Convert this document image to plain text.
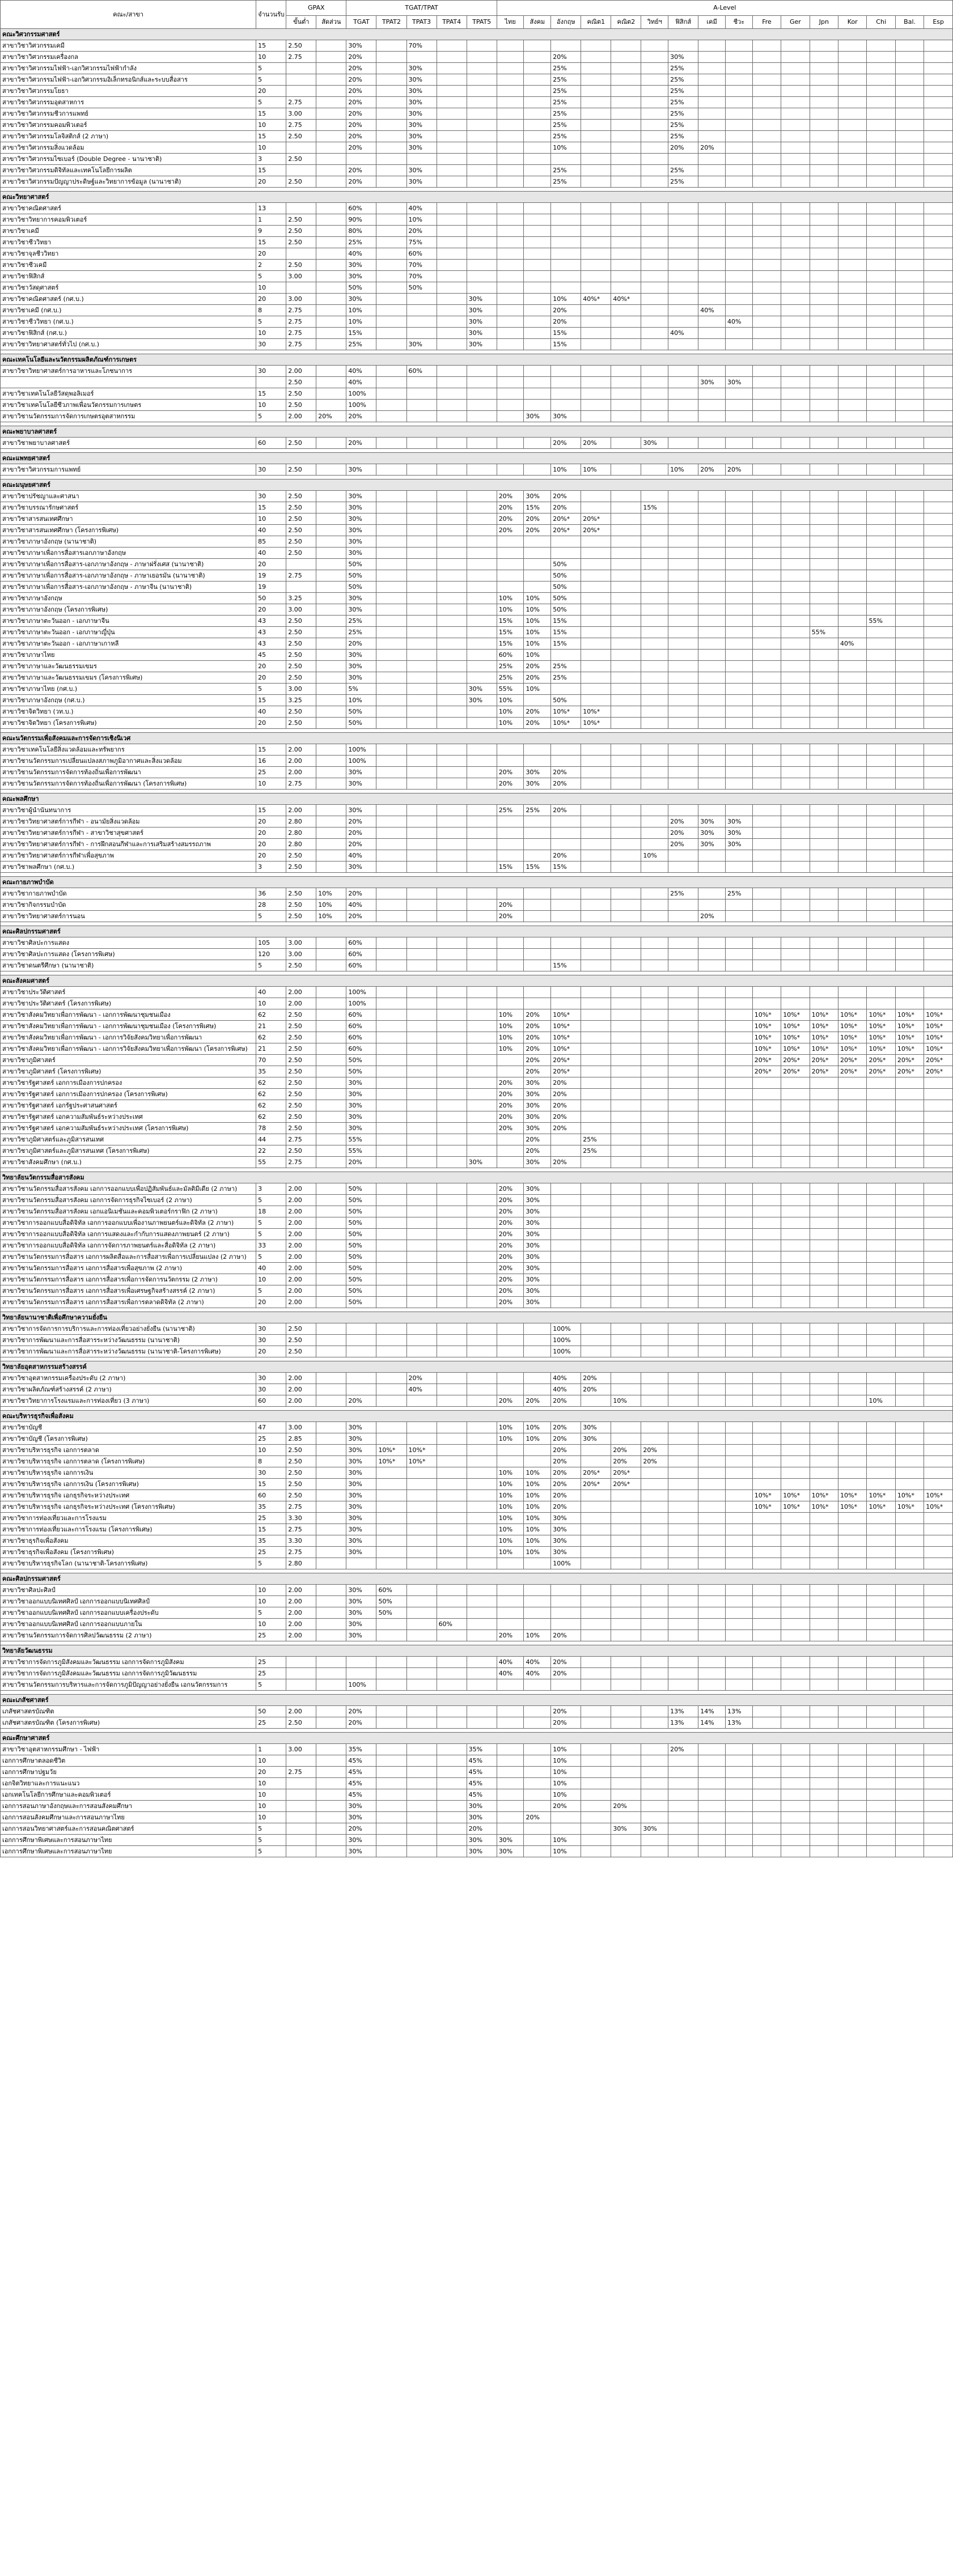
คณะ/สาขา	จำนวนรับ	GPAX		TGAT/TPAT					A-Level															
		ขั้นต่ำ	สัดส่วน	TGAT	TPAT2	TPAT3	TPAT4	TPAT5	ไทย	สังคม	อังกฤษ	คณิต1	คณิต2	วิทย์ฯ	ฟิสิกส์	เคมี	ชีวะ	Fre	Ger	Jpn	Kor	Chi	Bal.	Esp
คณะวิศวกรรมศาสตร์																								
สาขาวิชาวิศวกรรมเคมี	15	2.50		30%		70%																		
สาขาวิชาวิศวกรรมเครื่องกล	10	2.75		20%							20%				30%									
สาขาวิชาวิศวกรรมไฟฟ้า-เอกวิศวกรรมไฟฟ้ากำลัง	5			20%		30%					25%				25%									
สาขาวิชาวิศวกรรมไฟฟ้า-เอกวิศวกรรมอิเล็กทรอนิกส์และระบบสื่อสาร	5			20%		30%					25%				25%									
สาขาวิชาวิศวกรรมโยธา	20			20%		30%					25%				25%									
สาขาวิชาวิศวกรรมอุตสาหการ	5	2.75		20%		30%					25%				25%									
สาขาวิชาวิศวกรรมชีวการแพทย์	15	3.00		20%		30%					25%				25%									
สาขาวิชาวิศวกรรมคอมพิวเตอร์	10	2.75		20%		30%					25%				25%									
สาขาวิชาวิศวกรรมโลจิสติกส์ (2 ภาษา)	15	2.50		20%		30%					25%				25%									
สาขาวิชาวิศวกรรมสิ่งแวดล้อม	10			20%		30%					10%				20%	20%								
สาขาวิชาวิศวกรรมไซเบอร์ (Double Degree - นานาชาติ)	3	2.50																						
สาขาวิชาวิศวกรรมดิจิทัลและเทคโนโลยีการผลิต	15			20%		30%					25%				25%									
สาขาวิชาวิศวกรรมปัญญาประดิษฐ์และวิทยาการข้อมูล (นานาชาติ)	20	2.50		20%		30%					25%				25%									

คณะวิทยาศาสตร์																								
สาขาวิชาคณิตศาสตร์	13			60%		40%																		
สาขาวิชาวิทยาการคอมพิวเตอร์	1	2.50		90%		10%																		
สาขาวิชาเคมี	9	2.50		80%		20%																		
สาขาวิชาชีววิทยา	15	2.50		25%		75%																		
สาขาวิชาจุลชีววิทยา	20			40%		60%																		
สาขาวิชาชีวเคมี	2	2.50		30%		70%																		
สาขาวิชาฟิสิกส์	5	3.00		30%		70%																		
สาขาวิชาวัสดุศาสตร์	10			50%		50%																		
สาขาวิชาคณิตศาสตร์ (กศ.บ.)	20	3.00		30%				30%			10%	40%*	40%*											
สาขาวิชาเคมี (กศ.บ.)	8	2.75		10%				30%			20%					40%								
สาขาวิชาชีววิทยา (กศ.บ.)	5	2.75		10%				30%			20%						40%							
สาขาวิชาฟิสิกส์ (กศ.บ.)	10	2.75		15%				30%			15%				40%									
สาขาวิชาวิทยาศาสตร์ทั่วไป (กศ.บ.)	30	2.75		25%		30%		30%			15%													

คณะเทคโนโลยีและนวัตกรรมผลิตภัณฑ์การเกษตร																								
สาขาวิชาวิทยาศาสตร์การอาหารและโภชนาการ	30	2.00		40%		60%																		
		2.50		40%												30%	30%							
สาขาวิชาเทคโนโลยีวัสดุพอลิเมอร์	15	2.50		100%																				
สาขาวิชาเทคโนโลยีชีวภาพเพื่อนวัตกรรมการเกษตร	10	2.50		100%																				
สาขาวิชานวัตกรรมการจัดการเกษตรอุตสาหกรรม	5	2.00	20%	20%						30%	30%													

คณะพยาบาลศาสตร์																								
สาขาวิชาพยาบาลศาสตร์	60	2.50		20%							20%	20%		30%										

คณะแพทยศาสตร์																								
สาขาวิชาวิศวกรรมการแพทย์	30	2.50		30%							10%	10%			10%	20%	20%							

คณะมนุษยศาสตร์																								
สาขาวิชาปรัชญาและศาสนา	30	2.50		30%					20%	30%	20%													
สาขาวิชาบรรณารักษศาสตร์	15	2.50		30%					20%	15%	20%			15%										
สาขาวิชาสารสนเทศศึกษา	10	2.50		30%					20%	20%	20%*	20%*												
สาขาวิชาสารสนเทศศึกษา (โครงการพิเศษ)	40	2.50		30%					20%	20%	20%*	20%*												
สาขาวิชาภาษาอังกฤษ (นานาชาติ)	85	2.50		30%																				
สาขาวิชาภาษาเพื่อการสื่อสารเอกภาษาอังกฤษ	40	2.50		30%																				
สาขาวิชาภาษาเพื่อการสื่อสาร-เอกภาษาอังกฤษ - ภาษาฝรั่งเศส (นานาชาติ)	20			50%							50%													
สาขาวิชาภาษาเพื่อการสื่อสาร-เอกภาษาอังกฤษ - ภาษาเยอรมัน (นานาชาติ)	19	2.75		50%							50%													
สาขาวิชาภาษาเพื่อการสื่อสาร-เอกภาษาอังกฤษ - ภาษาจีน (นานาชาติ)	19			50%							50%													
สาขาวิชาภาษาอังกฤษ	50	3.25		30%					10%	10%	50%													
สาขาวิชาภาษาอังกฤษ (โครงการพิเศษ)	20	3.00		30%					10%	10%	50%													
สาขาวิชาภาษาตะวันออก - เอกภาษาจีน	43	2.50		25%					15%	10%	15%											55%		
สาขาวิชาภาษาตะวันออก - เอกภาษาญี่ปุ่น	43	2.50		25%					15%	10%	15%									55%				
สาขาวิชาภาษาตะวันออก - เอกภาษาเกาหลี	43	2.50		20%					15%	10%	15%										40%			
สาขาวิชาภาษาไทย	45	2.50		30%					60%	10%														
สาขาวิชาภาษาและวัฒนธรรมเขมร	20	2.50		30%					25%	20%	25%													
สาขาวิชาภาษาและวัฒนธรรมเขมร (โครงการพิเศษ)	20	2.50		30%					25%	20%	25%													
สาขาวิชาภาษาไทย (กศ.บ.)	5	3.00		5%				30%	55%	10%														
สาขาวิชาภาษาอังกฤษ (กศ.บ.)	15	3.25		10%				30%	10%		50%													
สาขาวิชาจิตวิทยา (วท.บ.)	40	2.50		50%					10%	20%	10%*	10%*												
สาขาวิชาจิตวิทยา (โครงการพิเศษ)	20	2.50		50%					10%	20%	10%*	10%*												

คณะนวัตกรรมเพื่อสังคมและการจัดการเชิงนิเวศ																								
สาขาวิชาเทคโนโลยีสิ่งแวดล้อมและทรัพยากร	15	2.00		100%																				
สาขาวิชานวัตกรรมการเปลี่ยนแปลงสภาพภูมิอากาศและสิ่งแวดล้อม	16	2.00		100%																				
สาขาวิชานวัตกรรมการจัดการท้องถิ่นเพื่อการพัฒนา	25	2.00		30%					20%	30%	20%													
สาขาวิชานวัตกรรมการจัดการท้องถิ่นเพื่อการพัฒนา (โครงการพิเศษ)	10	2.75		30%					20%	30%	20%													

คณะพลศึกษา																								
สาขาวิชาผู้นำนันทนาการ	15	2.00		30%					25%	25%	20%													
สาขาวิชาวิทยาศาสตร์การกีฬา - อนามัยสิ่งแวดล้อม	20	2.80		20%											20%	30%	30%							
สาขาวิชาวิทยาศาสตร์การกีฬา - สาขาวิชาสุขศาสตร์	20	2.80		20%											20%	30%	30%							
สาขาวิชาวิทยาศาสตร์การกีฬา - การฝึกสอนกีฬาและการเสริมสร้างสมรรถภาพ	20	2.80		20%											20%	30%	30%							
สาขาวิชาวิทยาศาสตร์การกีฬาเพื่อสุขภาพ	20	2.50		40%							20%			10%										
สาขาวิชาพลศึกษา (กศ.บ.)	3	2.50		30%					15%	15%	15%													

คณะกายภาพบำบัด																								
สาขาวิชากายภาพบำบัด	36	2.50	10%	20%											25%		25%							
สาขาวิชากิจกรรมบำบัด	28	2.50	10%	40%					20%															
สาขาวิชาวิทยาศาสตร์การนอน	5	2.50	10%	20%					20%							20%								

คณะศิลปกรรมศาสตร์																								
สาขาวิชาศิลปะการแสดง	105	3.00		60%																				
สาขาวิชาศิลปะการแสดง (โครงการพิเศษ)	120	3.00		60%																				
สาขาวิชาดนตรีศึกษา (นานาชาติ)	5	2.50		60%							15%													

คณะสังคมศาสตร์																								
สาขาวิชาประวัติศาสตร์	40	2.00		100%																				
สาขาวิชาประวัติศาสตร์ (โครงการพิเศษ)	10	2.00		100%																				
สาขาวิชาสังคมวิทยาเพื่อการพัฒนา - เอกการพัฒนาชุมชนเมือง	62	2.50		60%					10%	20%	10%*							10%*	10%*	10%*	10%*	10%*	10%*	10%*
สาขาวิชาสังคมวิทยาเพื่อการพัฒนา - เอกการพัฒนาชุมชนเมือง (โครงการพิเศษ)	21	2.50		60%					10%	20%	10%*							10%*	10%*	10%*	10%*	10%*	10%*	10%*
สาขาวิชาสังคมวิทยาเพื่อการพัฒนา - เอกการวิจัยสังคมวิทยาเพื่อการพัฒนา	62	2.50		60%					10%	20%	10%*							10%*	10%*	10%*	10%*	10%*	10%*	10%*
สาขาวิชาสังคมวิทยาเพื่อการพัฒนา - เอกการวิจัยสังคมวิทยาเพื่อการพัฒนา (โครงการพิเศษ)	21	2.50		60%					10%	20%	10%*							10%*	10%*	10%*	10%*	10%*	10%*	10%*
สาขาวิชาภูมิศาสตร์	70	2.50		50%						20%	20%*							20%*	20%*	20%*	20%*	20%*	20%*	20%*
สาขาวิชาภูมิศาสตร์ (โครงการพิเศษ)	35	2.50		50%						20%	20%*							20%*	20%*	20%*	20%*	20%*	20%*	20%*
สาขาวิชารัฐศาสตร์ เอกการเมืองการปกครอง	62	2.50		30%					20%	30%	20%													
สาขาวิชารัฐศาสตร์ เอกการเมืองการปกครอง (โครงการพิเศษ)	62	2.50		30%					20%	30%	20%													
สาขาวิชารัฐศาสตร์ เอกรัฐประศาสนศาสตร์	62	2.50		30%					20%	30%	20%													
สาขาวิชารัฐศาสตร์ เอกความสัมพันธ์ระหว่างประเทศ	62	2.50		30%					20%	30%	20%													
สาขาวิชารัฐศาสตร์ เอกความสัมพันธ์ระหว่างประเทศ (โครงการพิเศษ)	78	2.50		30%					20%	30%	20%													
สาขาวิชาภูมิศาสตร์และภูมิสารสนเทศ	44	2.75		55%						20%		25%												
สาขาวิชาภูมิศาสตร์และภูมิสารสนเทศ (โครงการพิเศษ)	22	2.50		55%						20%		25%												
สาขาวิชาสังคมศึกษา (กศ.บ.)	55	2.75		20%				30%		30%	20%													

วิทยาลัยนวัตกรรมสื่อสารสังคม																								
สาขาวิชานวัตกรรมสื่อสารสังคม เอกการออกแบบเพื่อปฏิสัมพันธ์และมัลติมีเดีย (2 ภาษา)	3	2.00		50%					20%	30%														
สาขาวิชานวัตกรรมสื่อสารสังคม เอกการจัดการธุรกิจไซเบอร์ (2 ภาษา)	5	2.00		50%					20%	30%														
สาขาวิชานวัตกรรมสื่อสารสังคม เอกแอนิเมชันและคอมพิวเตอร์กราฟิก (2 ภาษา)	18	2.00		50%					20%	30%														
สาขาวิชาการออกแบบสื่อดิจิทัล เอกการออกแบบเพื่องานภาพยนตร์และดิจิทัล (2 ภาษา)	5	2.00		50%					20%	30%														
สาขาวิชาการออกแบบสื่อดิจิทัล เอกการแสดงและกำกับการแสดงภาพยนตร์ (2 ภาษา)	5	2.00		50%					20%	30%														
สาขาวิชาการออกแบบสื่อดิจิทัล เอกการจัดการภาพยนตร์และสื่อดิจิทัล (2 ภาษา)	33	2.00		50%					20%	30%														
สาขาวิชานวัตกรรมการสื่อสาร เอกการผลิตสื่อและการสื่อสารเพื่อการเปลี่ยนแปลง (2 ภาษา)	5	2.00		50%					20%	30%														
สาขาวิชานวัตกรรมการสื่อสาร เอกการสื่อสารเพื่อสุขภาพ (2 ภาษา)	40	2.00		50%					20%	30%														
สาขาวิชานวัตกรรมการสื่อสาร เอกการสื่อสารเพื่อการจัดการนวัตกรรม (2 ภาษา)	10	2.00		50%					20%	30%														
สาขาวิชานวัตกรรมการสื่อสาร เอกการสื่อสารเพื่อเศรษฐกิจสร้างสรรค์ (2 ภาษา)	5	2.00		50%					20%	30%														
สาขาวิชานวัตกรรมการสื่อสาร เอกการสื่อสารเพื่อการตลาดดิจิทัล (2 ภาษา)	20	2.00		50%					20%	30%														

วิทยาลัยนานาชาติเพื่อศึกษาความยั่งยืน																								
สาขาวิชาการจัดการการบริการและการท่องเที่ยวอย่างยั่งยืน (นานาชาติ)	30	2.50									100%													
สาขาวิชาการพัฒนาและการสื่อสารระหว่างวัฒนธรรม (นานาชาติ)	30	2.50									100%													
สาขาวิชาการพัฒนาและการสื่อสารระหว่างวัฒนธรรม (นานาชาติ-โครงการพิเศษ)	20	2.50									100%													

วิทยาลัยอุตสาหกรรมสร้างสรรค์																								
สาขาวิชาอุตสาหกรรมเครื่องประดับ (2 ภาษา)	30	2.00				20%					40%	20%												
สาขาวิชาผลิตภัณฑ์สร้างสรรค์ (2 ภาษา)	30	2.00				40%					40%	20%												
สาขาวิชาวิทยาการโรงแรมและการท่องเที่ยว (3 ภาษา)	60	2.00		20%					20%	20%	20%		10%									10%		

คณะบริหารธุรกิจเพื่อสังคม																								
สาขาวิชาบัญชี	47	3.00		30%					10%	10%	20%	30%												
สาขาวิชาบัญชี (โครงการพิเศษ)	25	2.85		30%					10%	10%	20%	30%												
สาขาวิชาบริหารธุรกิจ เอกการตลาด	10	2.50		30%	10%*	10%*					20%		20%	20%										
สาขาวิชาบริหารธุรกิจ เอกการตลาด (โครงการพิเศษ)	8	2.50		30%	10%*	10%*					20%		20%	20%										
สาขาวิชาบริหารธุรกิจ เอกการเงิน	30	2.50		30%					10%	10%	20%	20%*	20%*											
สาขาวิชาบริหารธุรกิจ เอกการเงิน (โครงการพิเศษ)	15	2.50		30%					10%	10%	20%	20%*	20%*											
สาขาวิชาบริหารธุรกิจ เอกธุรกิจระหว่างประเทศ	60	2.50		30%					10%	10%	20%							10%*	10%*	10%*	10%*	10%*	10%*	10%*
สาขาวิชาบริหารธุรกิจ เอกธุรกิจระหว่างประเทศ (โครงการพิเศษ)	35	2.75		30%					10%	10%	20%							10%*	10%*	10%*	10%*	10%*	10%*	10%*
สาขาวิชาการท่องเที่ยวและการโรงแรม	25	3.30		30%					10%	10%	30%													
สาขาวิชาการท่องเที่ยวและการโรงแรม (โครงการพิเศษ)	15	2.75		30%					10%	10%	30%													
สาขาวิชาธุรกิจเพื่อสังคม	35	3.30		30%					10%	10%	30%													
สาขาวิชาธุรกิจเพื่อสังคม (โครงการพิเศษ)	25	2.75		30%					10%	10%	30%													
สาขาวิชาบริหารธุรกิจโลก (นานาชาติ-โครงการพิเศษ)	5	2.80									100%													

คณะศิลปกรรมศาสตร์																								
สาขาวิชาศิลปะศิลป์	10	2.00		30%	60%																			
สาขาวิชาออกแบบนิเทศศิลป์ เอกการออกแบบนิเทศศิลป์	10	2.00		30%	50%																			
สาขาวิชาออกแบบนิเทศศิลป์ เอกการออกแบบเครื่องประดับ	5	2.00		30%	50%																			
สาขาวิชาออกแบบนิเทศศิลป์ เอกการออกแบบภายใน	10	2.00		30%			60%																	
สาขาวิชานวัตกรรมการจัดการศิลปวัฒนธรรม (2 ภาษา)	25	2.00		30%					20%	10%	20%													

วิทยาลัยวัฒนธรรม																								
สาขาวิชาการจัดการภูมิสังคมและวัฒนธรรม เอกการจัดการภูมิสังคม	25								40%	40%	20%													
สาขาวิชาการจัดการภูมิสังคมและวัฒนธรรม เอกการจัดการภูมิวัฒนธรรม	25								40%	40%	20%													
สาขาวิชานวัตกรรมการบริหารและการจัดการภูมิปัญญาอย่างยั่งยืน เอกนวัตกรรมการ	5			100%																				

คณะเภสัชศาสตร์																								
เภสัชศาสตรบัณฑิต	50	2.00		20%							20%				13%	14%	13%							
เภสัชศาสตรบัณฑิต (โครงการพิเศษ)	25	2.50		20%							20%				13%	14%	13%							

คณะศึกษาศาสตร์																								
สาขาวิชาอุตสาหกรรมศึกษา - ไฟฟ้า	1	3.00		35%				35%			10%				20%									
เอกการศึกษาตลอดชีวิต	10			45%				45%			10%													
เอกการศึกษาปฐมวัย	20	2.75		45%				45%			10%													
เอกจิตวิทยาและการแนะแนว	10			45%				45%			10%													
เอกเทคโนโลยีการศึกษาและคอมพิวเตอร์	10			45%				45%			10%													
เอกการสอนภาษาอังกฤษและการสอนสังคมศึกษา	10			30%				30%			20%		20%											
เอกการสอนสังคมศึกษาและการสอนภาษาไทย	10			30%				30%		20%														
เอกการสอนวิทยาศาสตร์และการสอนคณิตศาสตร์	5			20%				20%					30%	30%										
เอกการศึกษาพิเศษและการสอนภาษาไทย	5			30%				30%	30%		10%													
เอกการศึกษาพิเศษและการสอนภาษาไทย	5			30%				30%	30%		10%													
